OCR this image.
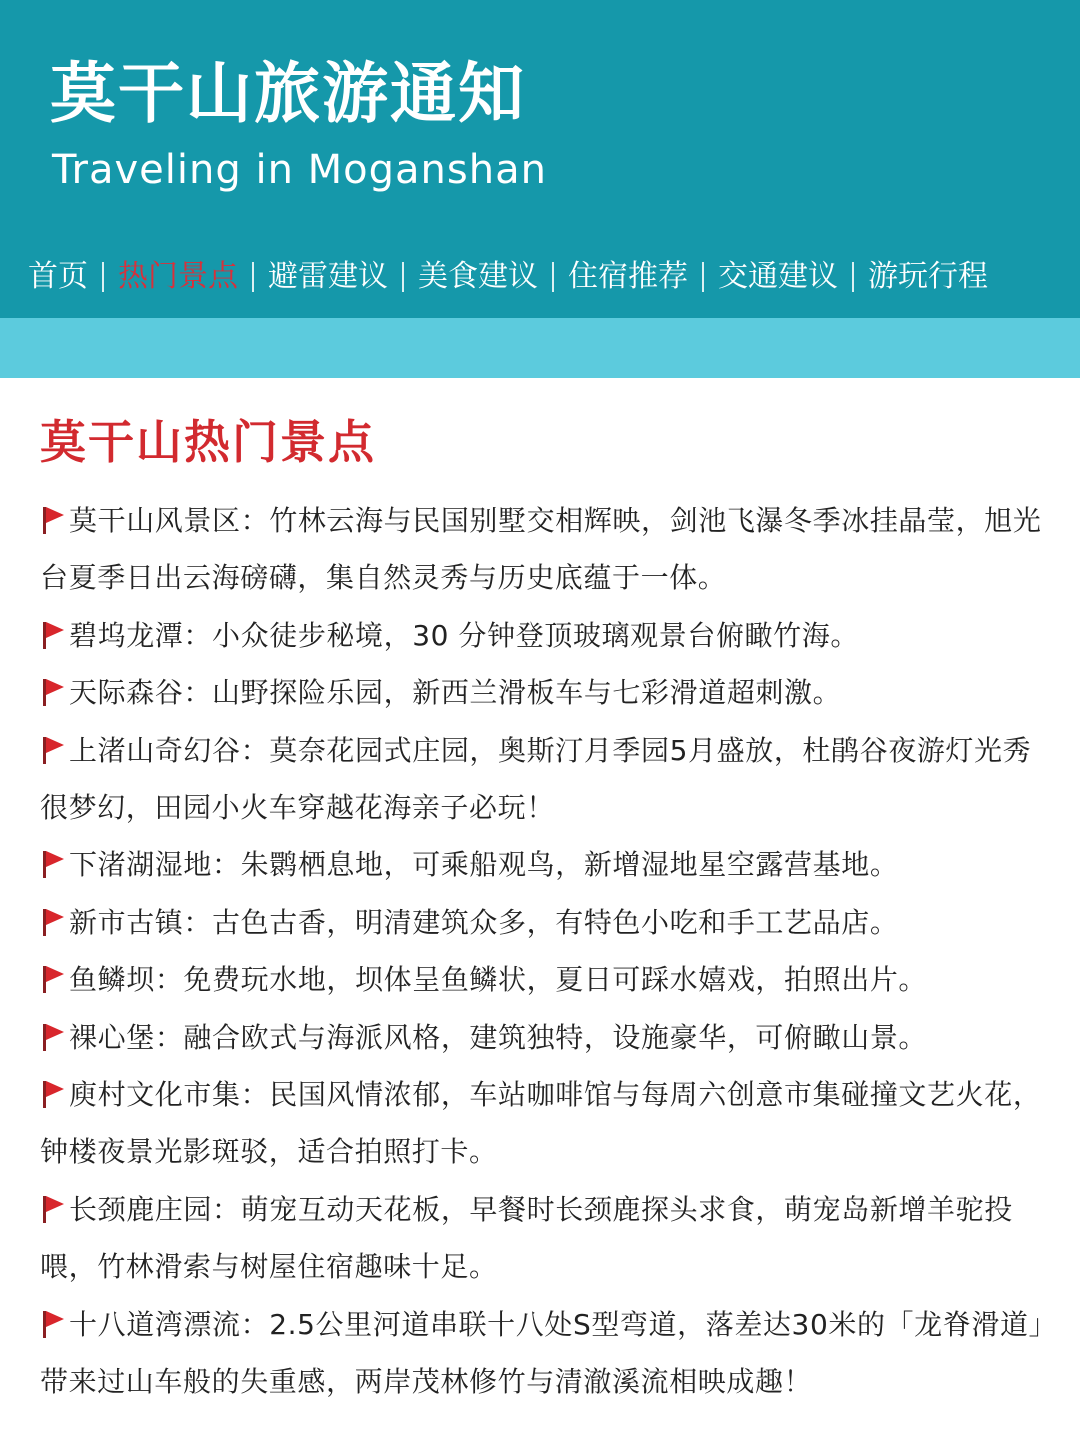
莫干山旅游通知
Traveling in Moganshan
首页 热门景点 避雷建议 美食建议 住宿推荐 交通建议 游玩行程
莫干山热门景点
莫干山风景区：竹林云海与民国别墅交相辉映，剑池飞瀑冬季冰挂晶莹，旭光台夏季日出云海磅礴，集自然灵秀与历史底蕴于一体。
碧坞龙潭：小众徒步秘境，30 分钟登顶玻璃观景台俯瞰竹海。
天际森谷：山野探险乐园，新西兰滑板车与七彩滑道超刺激。
上渚山奇幻谷：莫奈花园式庄园，奥斯汀月季园5月盛放，杜鹃谷夜游灯光秀很梦幻，田园小火车穿越花海亲子必玩！
下渚湖湿地：朱鹮栖息地，可乘船观鸟，新增湿地星空露营基地。
新市古镇：古色古香，明清建筑众多，有特色小吃和手工艺品店。
鱼鳞坝：免费玩水地，坝体呈鱼鳞状，夏日可踩水嬉戏，拍照出片。
裸心堡：融合欧式与海派风格，建筑独特，设施豪华，可俯瞰山景。
庾村文化市集：民国风情浓郁，车站咖啡馆与每周六创意市集碰撞文艺火花，钟楼夜景光影斑驳，适合拍照打卡。
长颈鹿庄园：萌宠互动天花板，早餐时长颈鹿探头求食，萌宠岛新增羊驼投喂，竹林滑索与树屋住宿趣味十足。
十八道湾漂流：2.5公里河道串联十八处S型弯道，落差达30米的「龙脊滑道」带来过山车般的失重感，两岸茂林修竹与清澈溪流相映成趣！
